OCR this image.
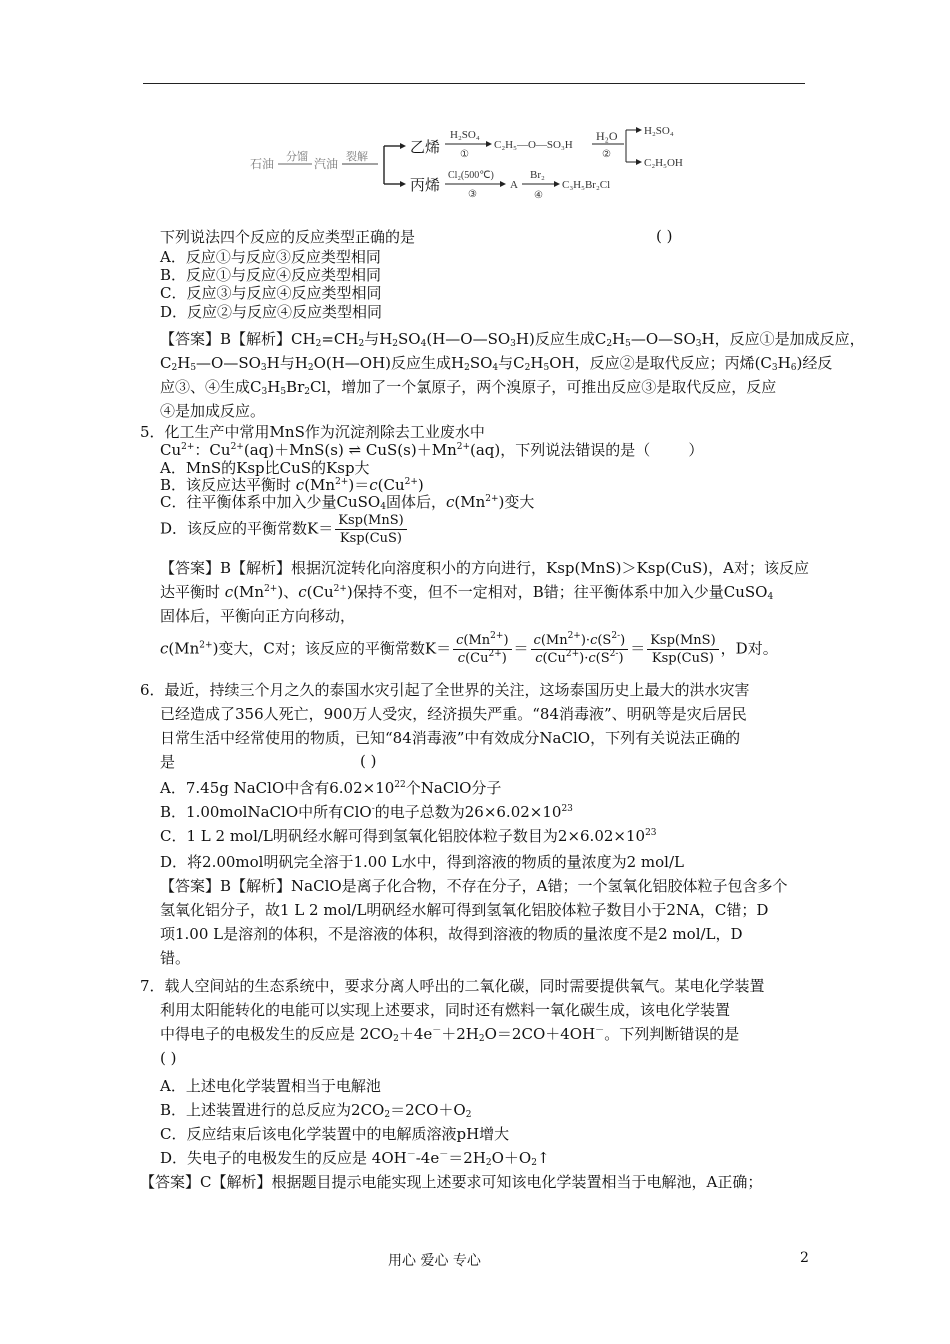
石油 分馏 汽油 裂解
乙烯
丙烯
H₂SO₄
①
C₂H₅—O—SO₃H
H₂O
②
H₂SO₄
C₂H₅OH
Cl₂(500℃)
③
A
Br₂
④
C₃H₅Br₂Cl
下列说法四个反应的反应类型正确的是	( )
A．反应①与反应③反应类型相同
B．反应①与反应④反应类型相同
C．反应③与反应④反应类型相同
D．反应②与反应④反应类型相同
【答案】B【解析】$CH_2=CH_2$与$H_2SO_4(H—O—SO_3H)$反应生成$C_2H_5—O—SO_3H$，反应①是加成反应，
$C_2H_5—O—SO_3H$与$H_2O(H—OH)$反应生成$H_2SO_4$与$C_2H_5OH$，反应②是取代反应；丙烯$(C_3H_6)$经反
应③、④生成$C_3H_5Br_2Cl$，增加了一个氯原子，两个溴原子，可推出反应③是取代反应，反应
④是加成反应。
5．化工生产中常用MnS作为沉淀剂除去工业废水中
$Cu^{2+}$：$Cu^{2+}(aq)+MnS(s)$ ⇌ $CuS(s)+Mn^{2+}(aq)$，下列说法错误的是（        ）
A．MnS的Ksp比CuS的Ksp大
B．该反应达平衡时 $c(Mn^{2+})=c(Cu^{2+})$
C．往平衡体系中加入少量CuSO$_4$固体后，$c(Mn^{2+})$变大
D．该反应的平衡常数$K= \frac{\text{Ksp(MnS)}}{\text{Ksp(CuS)}}$
【答案】B【解析】根据沉淀转化向溶度积小的方向进行，Ksp(MnS)＞Ksp(CuS)，A对；该反应
达平衡时 $c(Mn^{2+})$、$c(Cu^{2+})$保持不变，但不一定相对，B错；往平衡体系中加入少量CuSO$_4$
固体后，平衡向正方向移动，
$c(Mn^{2+})$变大，C对；该反应的平衡常数$K= \frac{c(Mn^{2+})}{c(Cu^{2+})} = \frac{c(Mn^{2+})\cdot c(S^{2-})}{c(Cu^{2+})\cdot c(S^{2-})} = \frac{\text{Ksp(MnS)}}{\text{Ksp(CuS)}}$ ，D对。
6．最近，持续三个月之久的泰国水灾引起了全世界的关注，这场泰国历史上最大的洪水灾害
已经造成了356人死亡，900万人受灾，经济损失严重。“84消毒液”、明矾等是灾后居民
日常生活中经常使用的物质，已知“84消毒液”中有效成分NaClO，下列有关说法正确的
是	( )
A．7.45g NaClO中含有$6.02\times 10^{22}$个NaClO分子
B．1.00molNaClO中所有ClO-的电子总数为$26\times 6.02\times 10^{23}$
C．1 L 2 mol/L明矾经水解可得到氢氧化铝胶体粒子数目为$2\times 6.02\times 10^{23}$
D．将2.00mol明矾完全溶于1.00 L水中，得到溶液的物质的量浓度为2 mol/L
【答案】B【解析】NaClO是离子化合物，不存在分子，A错；一个氢氧化铝胶体粒子包含多个
氢氧化铝分子，故1 L 2 mol/L明矾经水解可得到氢氧化铝胶体粒子数目小于2NA，C错；D
项1.00 L是溶剂的体积，不是溶液的体积，故得到溶液的物质的量浓度不是2 mol/L，D
错。
7．载人空间站的生态系统中，要求分离人呼出的二氧化碳，同时需要提供氧气。某电化学装置
利用太阳能转化的电能可以实现上述要求，同时还有燃料一氧化碳生成，该电化学装置
中得电子的电极发生的反应是 $2CO_2+4e^-+2H_2O=2CO+4OH^-$。下列判断错误的是
( )
A．上述电化学装置相当于电解池
B．上述装置进行的总反应为$2CO_2=2CO+O_2$
C．反应结束后该电化学装置中的电解质溶液pH增大
D．失电子的电极发生的反应是 $4OH^--4e^-=2H_2O+O_2↑$
【答案】C【解析】根据题目提示电能实现上述要求可知该电化学装置相当于电解池，A正确；
用心 爱心 专心	2
